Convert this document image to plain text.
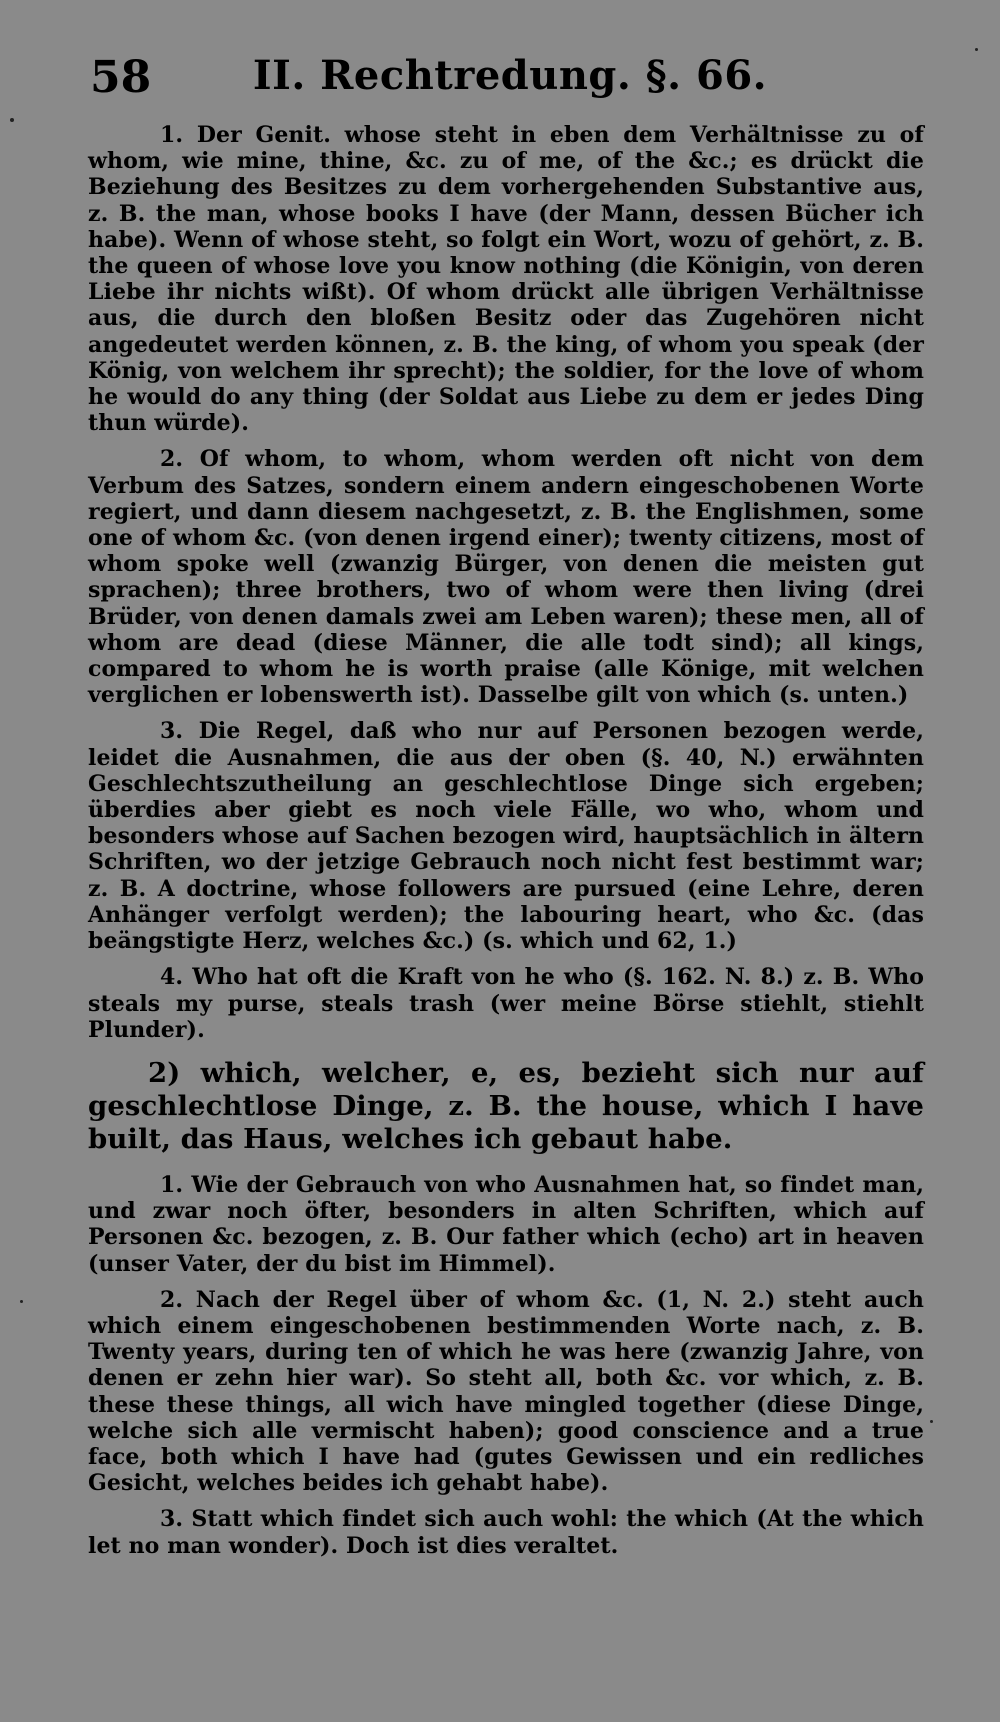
58	II. Rechtredung. §. 66.

1. Der Genit. whose steht in eben dem Verhältnisse zu of whom, wie mine, thine, &c. zu of me, of the &c.; es drückt die Beziehung des Besitzes zu dem vorhergehenden Substantive aus, z. B. the man, whose books I have (der Mann, dessen Bücher ich habe). Wenn of whose steht, so folgt ein Wort, wozu of gehört, z. B. the queen of whose love you know nothing (die Königin, von deren Liebe ihr nichts wißt). Of whom drückt alle übrigen Verhältnisse aus, die durch den bloßen Besitz oder das Zugehören nicht angedeutet werden können, z. B. the king, of whom you speak (der König, von welchem ihr sprecht); the soldier, for the love of whom he would do any thing (der Soldat aus Liebe zu dem er jedes Ding thun würde).

2. Of whom, to whom, whom werden oft nicht von dem Verbum des Satzes, sondern einem andern eingeschobenen Worte regiert, und dann diesem nachgesetzt, z. B. the Englishmen, some one of whom &c. (von denen irgend einer); twenty citizens, most of whom spoke well (zwanzig Bürger, von denen die meisten gut sprachen); three brothers, two of whom were then living (drei Brüder, von denen damals zwei am Leben waren); these men, all of whom are dead (diese Männer, die alle todt sind); all kings, compared to whom he is worth praise (alle Könige, mit welchen verglichen er lobenswerth ist). Dasselbe gilt von which (s. unten.)

3. Die Regel, daß who nur auf Personen bezogen werde, leidet die Ausnahmen, die aus der oben (§. 40, N.) erwähnten Geschlechtszutheilung an geschlechtlose Dinge sich ergeben; überdies aber giebt es noch viele Fälle, wo who, whom und besonders whose auf Sachen bezogen wird, hauptsächlich in ältern Schriften, wo der jetzige Gebrauch noch nicht fest bestimmt war; z. B. A doctrine, whose followers are pursued (eine Lehre, deren Anhänger verfolgt werden); the labouring heart, who &c. (das beängstigte Herz, welches &c.) (s. which und 62, 1.)

4. Who hat oft die Kraft von he who (§. 162. N. 8.) z. B. Who steals my purse, steals trash (wer meine Börse stiehlt, stiehlt Plunder).

2) which, welcher, e, es, bezieht sich nur auf geschlechtlose Dinge, z. B. the house, which I have built, das Haus, welches ich gebaut habe.

1. Wie der Gebrauch von who Ausnahmen hat, so findet man, und zwar noch öfter, besonders in alten Schriften, which auf Personen &c. bezogen, z. B. Our father which (echo) art in heaven (unser Vater, der du bist im Himmel).

2. Nach der Regel über of whom &c. (1, N. 2.) steht auch which einem eingeschobenen bestimmenden Worte nach, z. B. Twenty years, during ten of which he was here (zwanzig Jahre, von denen er zehn hier war). So steht all, both &c. vor which, z. B. these these things, all wich have mingled together (diese Dinge, welche sich alle vermischt haben); good conscience and a true face, both which I have had (gutes Gewissen und ein redliches Gesicht, welches beides ich gehabt habe).

3. Statt which findet sich auch wohl: the which (At the which let no man wonder). Doch ist dies veraltet.
